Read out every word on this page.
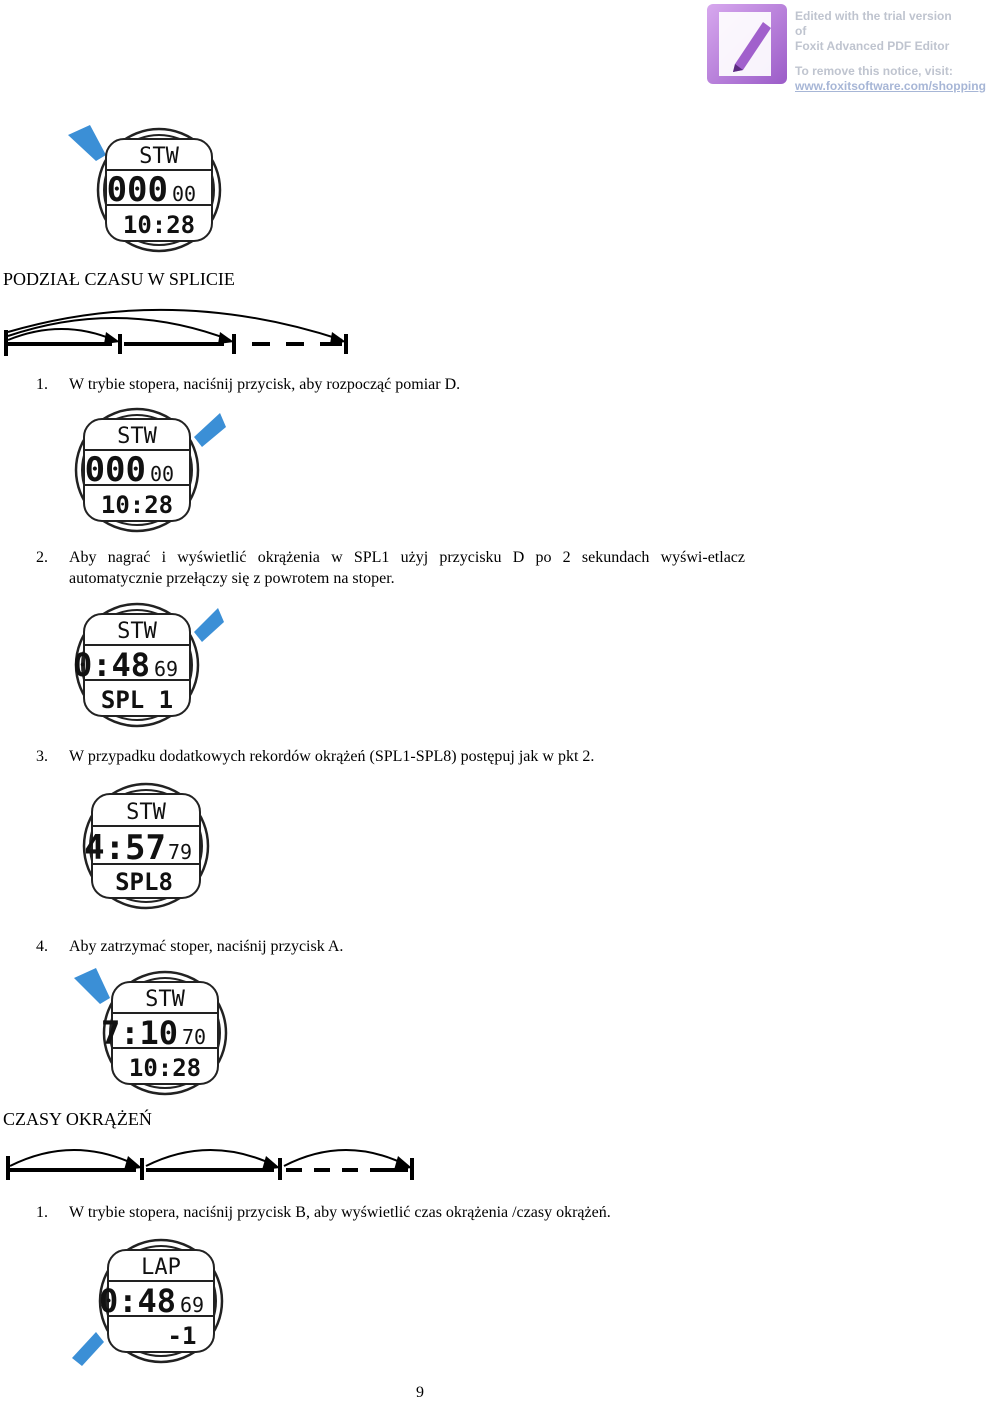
Edited with the trial version of
Foxit Advanced PDF Editor
To remove this notice, visit:
www.foxitsoftware.com/shopping
STW
000 00
10:28
PODZIAŁ CZASU W SPLICIE
1. W trybie stopera, naciśnij przycisk, aby rozpocząć pomiar D.
STW
000 00
10:28
2. Aby nagrać i wyświetlić okrążenia w SPL1 użyj przycisku D po 2 sekundach wyświ-etlacz automatycznie przełączy się z powrotem na stoper.
STW
0:48 69
SPL 1
3. W przypadku dodatkowych rekordów okrążeń (SPL1-SPL8) postępuj jak w pkt 2.
STW
4:57 79
SPL8
4. Aby zatrzymać stoper, naciśnij przycisk A.
STW
7:10 70
10:28
CZASY OKRĄŻEŃ
1. W trybie stopera, naciśnij przycisk B, aby wyświetlić czas okrążenia /czasy okrążeń.
LAP
0:48 69
-1
9
